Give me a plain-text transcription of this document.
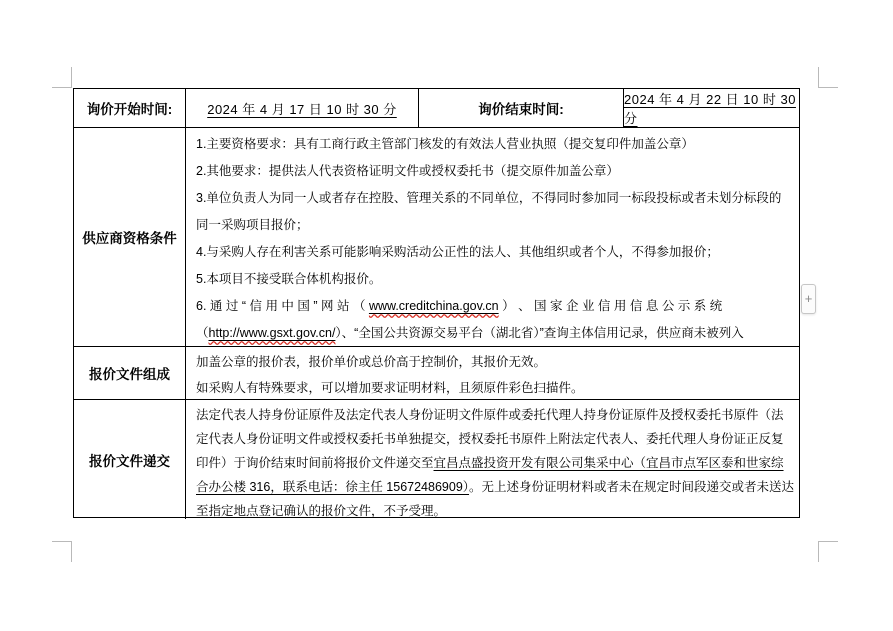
询价开始时间:	2024 年 4 月 17 日 10 时 30 分	询价结束时间:
2024 年 4 月 22 日 10 时 30 分
供应商资格条件
1.主要资格要求：具有工商行政主管部门核发的有效法人营业执照（提交复印件加盖公章）
2.其他要求：提供法人代表资格证明文件或授权委托书（提交原件加盖公章）
3.单位负责人为同一人或者存在控股、管理关系的不同单位，不得同时参加同一标段投标或者未划分标段的
同一采购项目报价；
4.与采购人存在利害关系可能影响采购活动公正性的法人、其他组织或者个人，不得参加报价；
5.本项目不接受联合体机构报价。
6. 通 过 “ 信 用 中 国 ” 网 站 （ www.creditchina.gov.cn ） 、 国 家 企 业 信 用 信 息 公 示 系 统
（http://www.gsxt.gov.cn/）、“全国公共资源交易平台（湖北省）”查询主体信用记录，供应商未被列入
报价文件组成
加盖公章的报价表，报价单价或总价高于控制价，其报价无效。
如采购人有特殊要求，可以增加要求证明材料，且须原件彩色扫描件。
报价文件递交
法定代表人持身份证原件及法定代表人身份证明文件原件或委托代理人持身份证原件及授权委托书原件（法
定代表人身份证明文件或授权委托书单独提交，授权委托书原件上附法定代表人、委托代理人身份证正反复
印件）于询价结束时间前将报价文件递交至宜昌点盛投资开发有限公司集采中心（宜昌市点军区泰和世家综
合办公楼 316，联系电话：徐主任 15672486909）。无上述身份证明材料或者未在规定时间段递交或者未送达
至指定地点登记确认的报价文件，不予受理。
+
